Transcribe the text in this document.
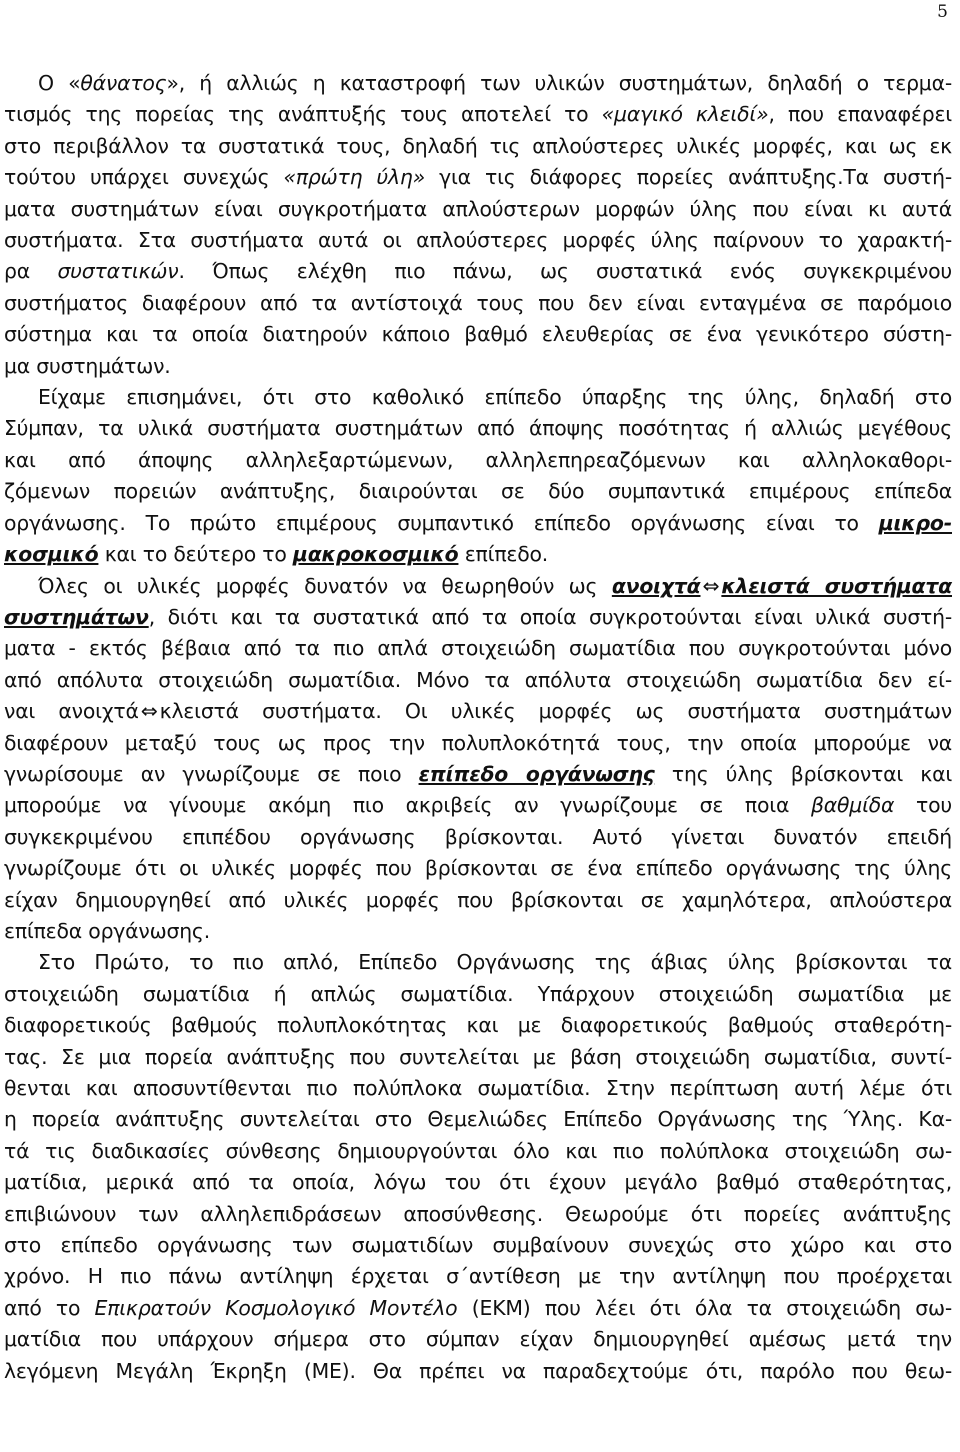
5
Ο «θάνατος», ή αλλιώς η καταστροφή των υλικών συστημάτων, δηλαδή ο τερμα-
τισμός της πορείας της ανάπτυξής τους αποτελεί το «μαγικό κλειδί», που επαναφέρει
στο περιβάλλον τα συστατικά τους, δηλαδή τις απλούστερες υλικές μορφές, και ως εκ
τούτου υπάρχει συνεχώς «πρώτη ύλη» για τις διάφορες πορείες ανάπτυξης.Τα συστή-
ματα συστημάτων είναι συγκροτήματα απλούστερων μορφών ύλης που είναι κι αυτά
συστήματα. Στα συστήματα αυτά οι απλούστερες μορφές ύλης παίρνουν το χαρακτή-
ρα συστατικών. Όπως ελέχθη πιο πάνω, ως συστατικά ενός συγκεκριμένου
συστήματος διαφέρουν από τα αντίστοιχά τους που δεν είναι ενταγμένα σε παρόμοιο
σύστημα και τα οποία διατηρούν κάποιο βαθμό ελευθερίας σε ένα γενικότερο σύστη-
μα συστημάτων.
Είχαμε επισημάνει, ότι στο καθολικό επίπεδο ύπαρξης της ύλης, δηλαδή στο
Σύμπαν, τα υλικά συστήματα συστημάτων από άποψης ποσότητας ή αλλιώς μεγέθους
και από άποψης αλληλεξαρτώμενων, αλληλεπηρεαζόμενων και αλληλοκαθορι-
ζόμενων πορειών ανάπτυξης, διαιρούνται σε δύο συμπαντικά επιμέρους επίπεδα
οργάνωσης. Το πρώτο επιμέρους συμπαντικό επίπεδο οργάνωσης είναι το μικρο-
κοσμικό και το δεύτερο το μακροκοσμικό επίπεδο.
Όλες οι υλικές μορφές δυνατόν να θεωρηθούν ως ανοιχτά⇔κλειστά συστήματα
συστημάτων, διότι και τα συστατικά από τα οποία συγκροτούνται είναι υλικά συστή-
ματα - εκτός βέβαια από τα πιο απλά στοιχειώδη σωματίδια που συγκροτούνται μόνο
από απόλυτα στοιχειώδη σωματίδια. Μόνο τα απόλυτα στοιχειώδη σωματίδια δεν εί-
ναι ανοιχτά⇔κλειστά συστήματα. Οι υλικές μορφές ως συστήματα συστημάτων
διαφέρουν μεταξύ τους ως προς την πολυπλοκότητά τους, την οποία μπορούμε να
γνωρίσουμε αν γνωρίζουμε σε ποιο επίπεδο οργάνωσης της ύλης βρίσκονται και
μπορούμε να γίνουμε ακόμη πιο ακριβείς αν γνωρίζουμε σε ποια βαθμίδα του
συγκεκριμένου επιπέδου οργάνωσης βρίσκονται. Αυτό γίνεται δυνατόν επειδή
γνωρίζουμε ότι οι υλικές μορφές που βρίσκονται σε ένα επίπεδο οργάνωσης της ύλης
είχαν δημιουργηθεί από υλικές μορφές που βρίσκονται σε χαμηλότερα, απλούστερα
επίπεδα οργάνωσης.
Στο Πρώτο, το πιο απλό, Επίπεδο Οργάνωσης της άβιας ύλης βρίσκονται τα
στοιχειώδη σωματίδια ή απλώς σωματίδια. Υπάρχουν στοιχειώδη σωματίδια με
διαφορετικούς βαθμούς πολυπλοκότητας και με διαφορετικούς βαθμούς σταθερότη-
τας. Σε μια πορεία ανάπτυξης που συντελείται με βάση στοιχειώδη σωματίδια, συντί-
θενται και αποσυντίθενται πιο πολύπλοκα σωματίδια. Στην περίπτωση αυτή λέμε ότι
η πορεία ανάπτυξης συντελείται στο Θεμελιώδες Επίπεδο Οργάνωσης της Ύλης. Κα-
τά τις διαδικασίες σύνθεσης δημιουργούνται όλο και πιο πολύπλοκα στοιχειώδη σω-
ματίδια, μερικά από τα οποία, λόγω του ότι έχουν μεγάλο βαθμό σταθερότητας,
επιβιώνουν των αλληλεπιδράσεων αποσύνθεσης. Θεωρούμε ότι πορείες ανάπτυξης
στο επίπεδο οργάνωσης των σωματιδίων συμβαίνουν συνεχώς στο χώρο και στο
χρόνο. Η πιο πάνω αντίληψη έρχεται σ΄αντίθεση με την αντίληψη που προέρχεται
από το Επικρατούν Κοσμολογικό Μοντέλο (ΕΚΜ) που λέει ότι όλα τα στοιχειώδη σω-
ματίδια που υπάρχουν σήμερα στο σύμπαν είχαν δημιουργηθεί αμέσως μετά την
λεγόμενη Μεγάλη Έκρηξη (ΜΕ). Θα πρέπει να παραδεχτούμε ότι, παρόλο που θεω-
